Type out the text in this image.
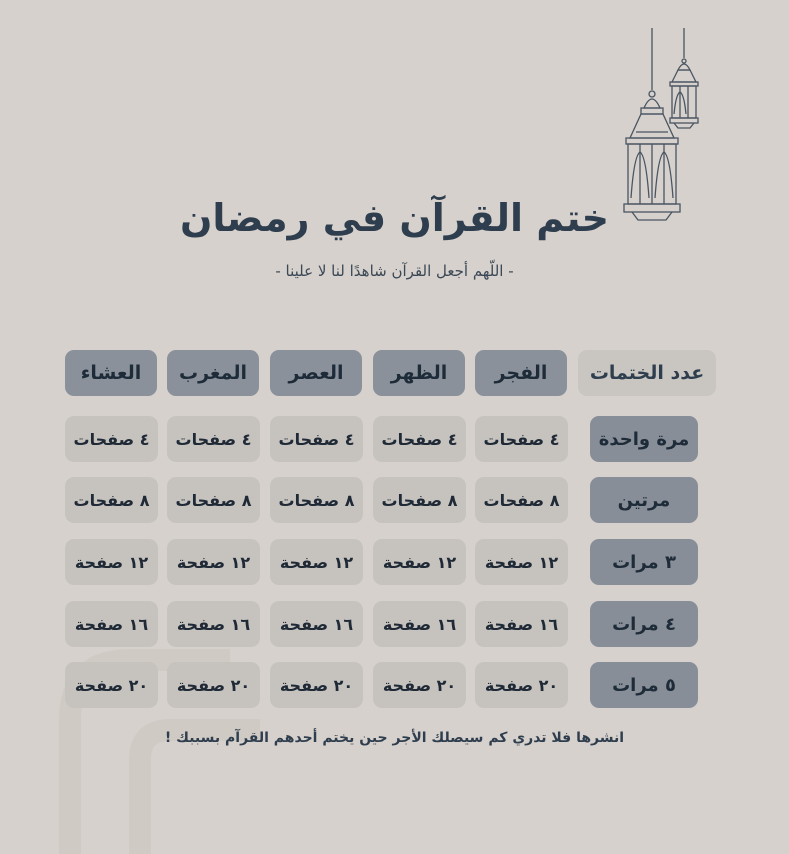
ختم القرآن في رمضان
- اللّهم أجعل القرآن شاهدًا لنا لا علينا -
عدد الختمات
الفجر
الظهر
العصر
المغرب
العشاء
مرة واحدة
٤ صفحات
٤ صفحات
٤ صفحات
٤ صفحات
٤ صفحات
مرتين
٨ صفحات
٨ صفحات
٨ صفحات
٨ صفحات
٨ صفحات
٣ مرات
١٢ صفحة
١٢ صفحة
١٢ صفحة
١٢ صفحة
١٢ صفحة
٤ مرات
١٦ صفحة
١٦ صفحة
١٦ صفحة
١٦ صفحة
١٦ صفحة
٥ مرات
٢٠ صفحة
٢٠ صفحة
٢٠ صفحة
٢٠ صفحة
٢٠ صفحة
انشرها فلا تدري كم سيصلك الأجر حين يختم أحدهم القرآم بسببك !
